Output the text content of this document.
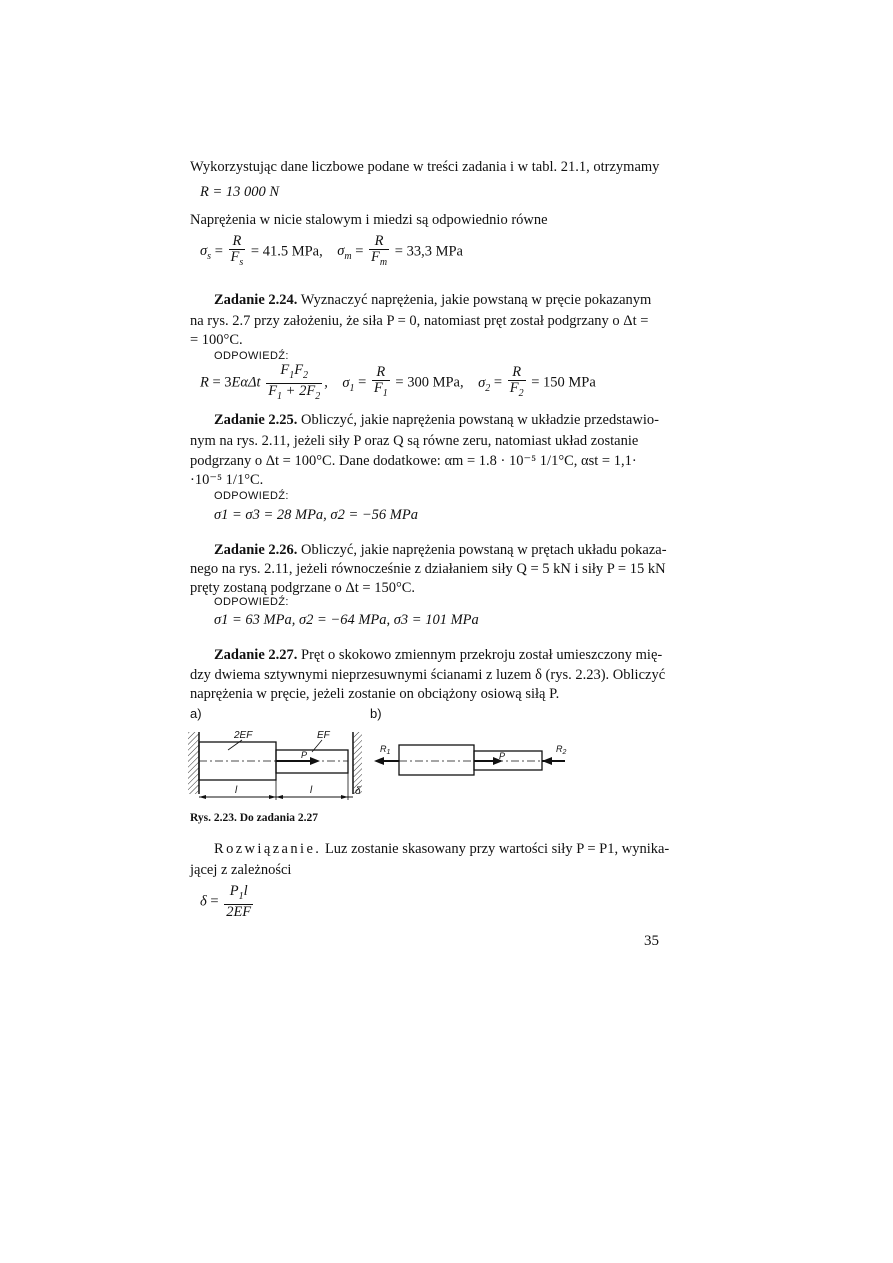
Wykorzystując dane liczbowe podane w treści zadania i w tabl. 21.1, otrzymamy
R = 13 000 N
Naprężenia w nicie stalowym i miedzi są odpowiednio równe
$\sigma_s = \frac{R}{F_s} = 41.5$ MPa, $\sigma_m = \frac{R}{F_m} = 33,3$ MPa
Zadanie 2.24. Wyznaczyć naprężenia, jakie powstaną w pręcie pokazanym
na rys. 2.7 przy założeniu, że siła P = 0, natomiast pręt został podgrzany o Δt =
= 100°C.
ODPOWIEDŹ:
$R = 3E\alpha\Delta t \frac{F_1F_2}{F_1 + 2F_2}$ ,    $\sigma_1 = \frac{R}{F_1} = 300$ MPa, $\sigma_2 = \frac{R}{F_2} = 150$ MPa
Zadanie 2.25. Obliczyć, jakie naprężenia powstaną w układzie przedstawio-
nym na rys. 2.11, jeżeli siły P oraz Q są równe zeru, natomiast układ zostanie
podgrzany o Δt = 100°C. Dane dodatkowe: αm = 1.8 · 10⁻⁵ 1/1°C, αst = 1,1·
·10⁻⁵ 1/1°C.
ODPOWIEDŹ:
σ1 = σ3 = 28 MPa, σ2 = −56 MPa
Zadanie 2.26. Obliczyć, jakie naprężenia powstaną w prętach układu pokaza-
nego na rys. 2.11, jeżeli równocześnie z działaniem siły Q = 5 kN i siły P = 15 kN
pręty zostaną podgrzane o Δt = 150°C.
ODPOWIEDŹ:
σ1 = 63 MPa, σ2 = −64 MPa, σ3 = 101 MPa
Zadanie 2.27. Pręt o skokowo zmiennym przekroju został umieszczony mię-
dzy dwiema sztywnymi nieprzesuwnymi ścianami z luzem δ (rys. 2.23). Obliczyć
naprężenia w pręcie, jeżeli zostanie on obciążony osiową siłą P.
a)
P
2EF	EF
l	l	δ
b)
$R_1$	P
$R_2$
Rys. 2.23. Do zadania 2.27
Rozwiązanie. Luz zostanie skasowany przy wartości siły P = P1, wynika-
jącej z zależności
$\delta = \frac{P_1l}{2EF}$
35
